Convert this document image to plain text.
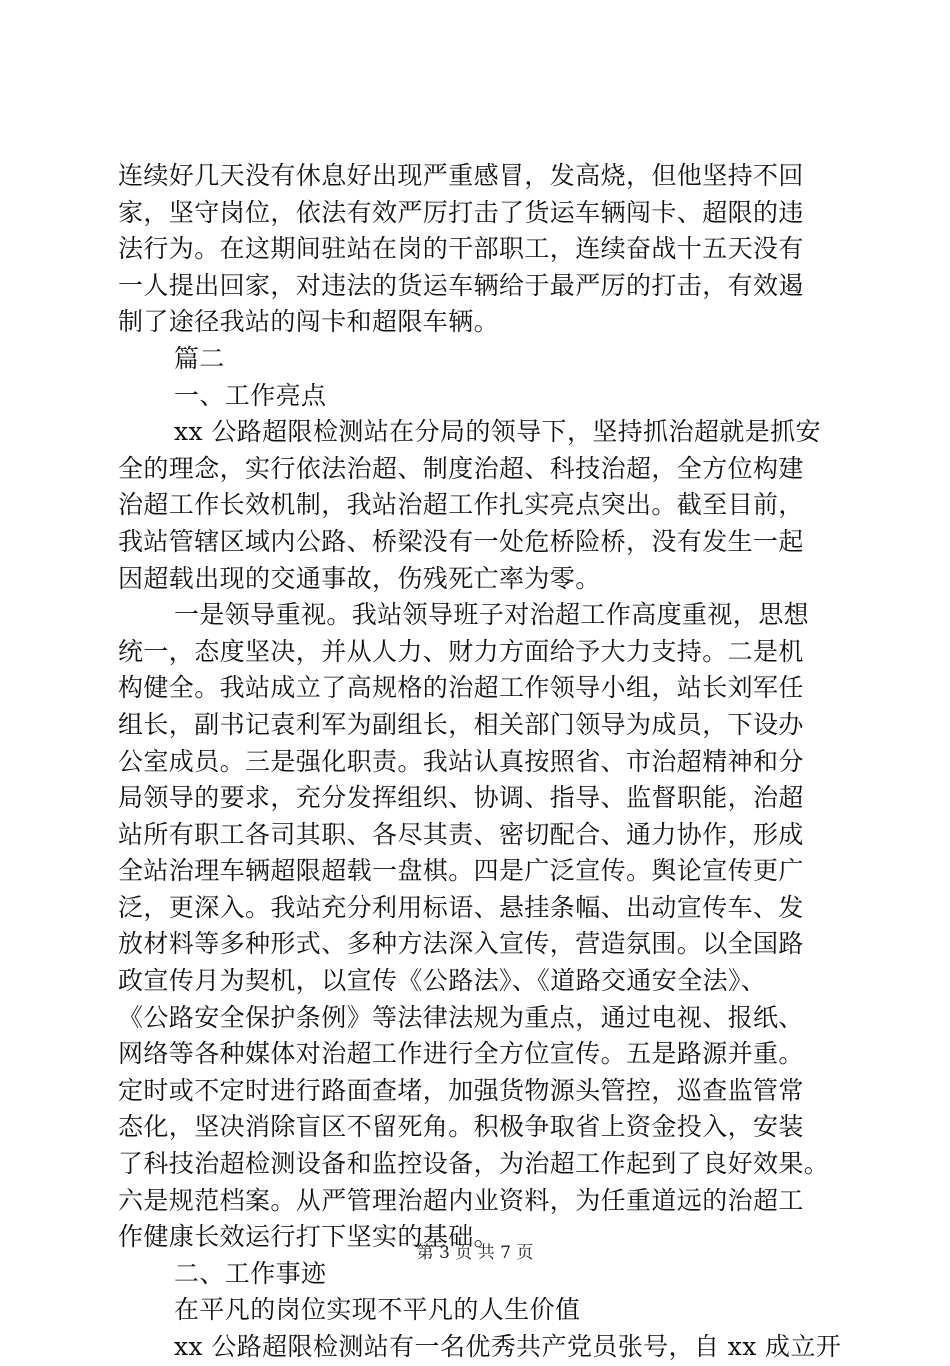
连续好几天没有休息好出现严重感冒，发高烧，但他坚持不回
家，坚守岗位，依法有效严厉打击了货运车辆闯卡、超限的违
法行为。在这期间驻站在岗的干部职工，连续奋战十五天没有
一人提出回家，对违法的货运车辆给于最严厉的打击，有效遏
制了途径我站的闯卡和超限车辆。
篇二
一、工作亮点
xx 公路超限检测站在分局的领导下，坚持抓治超就是抓安
全的理念，实行依法治超、制度治超、科技治超，全方位构建
治超工作长效机制，我站治超工作扎实亮点突出。截至目前，
我站管辖区域内公路、桥梁没有一处危桥险桥，没有发生一起
因超载出现的交通事故，伤残死亡率为零。
一是领导重视。我站领导班子对治超工作高度重视，思想
统一，态度坚决，并从人力、财力方面给予大力支持。二是机
构健全。我站成立了高规格的治超工作领导小组，站长刘军任
组长，副书记袁利军为副组长，相关部门领导为成员，下设办
公室成员。三是强化职责。我站认真按照省、市治超精神和分
局领导的要求，充分发挥组织、协调、指导、监督职能，治超
站所有职工各司其职、各尽其责、密切配合、通力协作，形成
全站治理车辆超限超载一盘棋。四是广泛宣传。舆论宣传更广
泛，更深入。我站充分利用标语、悬挂条幅、出动宣传车、发
放材料等多种形式、多种方法深入宣传，营造氛围。以全国路
政宣传月为契机，以宣传《公路法》、《道路交通安全法》、
《公路安全保护条例》等法律法规为重点，通过电视、报纸、
网络等各种媒体对治超工作进行全方位宣传。五是路源并重。
定时或不定时进行路面查堵，加强货物源头管控，巡查监管常
态化，坚决消除盲区不留死角。积极争取省上资金投入，安装
了科技治超检测设备和监控设备，为治超工作起到了良好效果。
六是规范档案。从严管理治超内业资料，为任重道远的治超工
作健康长效运行打下坚实的基础。
二、工作事迹
在平凡的岗位实现不平凡的人生价值
xx 公路超限检测站有一名优秀共产党员张号，自 xx 成立开
第 3 页 共 7 页
